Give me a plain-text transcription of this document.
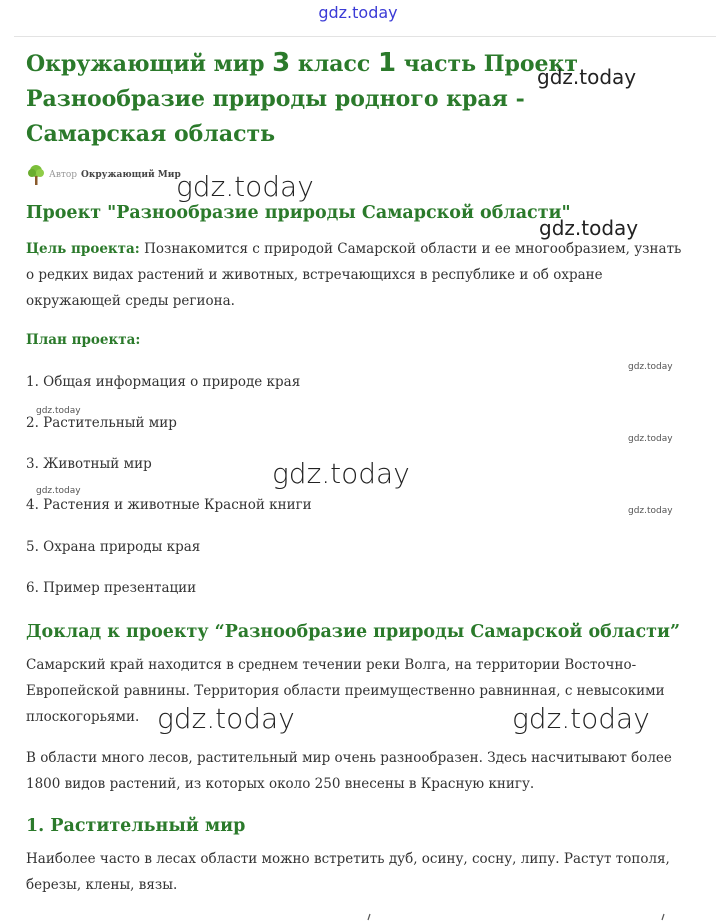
gdz.today
Окружающий мир 3 класс 1 часть Проект Разнообразие природы родного края - Самарская область
Автор Окружающий Мир
Проект "Разнообразие природы Самарской области"

Цель проекта: Познакомится с природой Самарской области и ее многообразием, узнать о редких видах растений и животных, встречающихся в республике и об охране окружающей среды региона.

План проекта:
1. Общая информация о природе края
2. Растительный мир
3. Животный мир
4. Растения и животные Красной книги
5. Охрана природы края
6. Пример презентации
Доклад к проекту “Разнообразие природы Самарской области”

Самарский край находится в среднем течении реки Волга, на территории Восточно-Европейской равнины. Территория области преимущественно равнинная, с невысокими плоскогорьями.

В области много лесов, растительный мир очень разнообразен. Здесь насчитывают более 1800 видов растений, из которых около 250 внесены в Красную книгу.

1. Растительный мир

Наиболее часто в лесах области можно встретить дуб, осину, сосну, липу. Растут тополя, березы, клены, вязы.

gdz.today
gdz.today
gdz.today
gdz.today
gdz.today	gdz.today
gdz.today
gdz.today
gdz.today
gdz.today
gdz.today
